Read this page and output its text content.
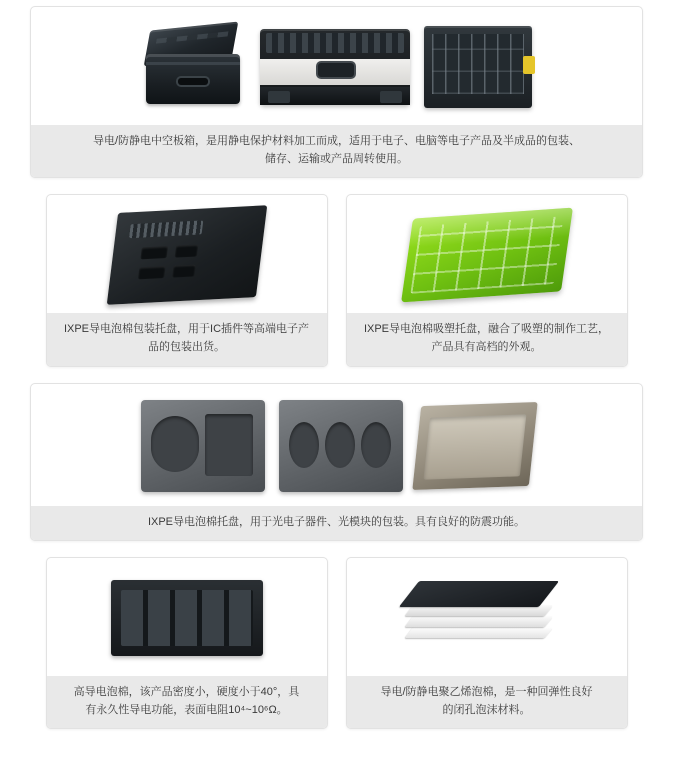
导电/防静电中空板箱，是用静电保护材料加工而成，适用于电子、电脑等电子产品及半成品的包装、储存、运输或产品周转使用。
IXPE导电泡棉包装托盘，用于IC插件等高端电子产品的包装出货。
IXPE导电泡棉吸塑托盘，融合了吸塑的制作工艺，产品具有高档的外观。
IXPE导电泡棉托盘，用于光电子器件、光模块的包装。具有良好的防震功能。
高导电泡棉，该产品密度小，硬度小于40°，具
有永久性导电功能，表面电阻10⁴~10⁶Ω。
导电/防静电聚乙烯泡棉，是一种回弹性良好
的闭孔泡沫材料。
